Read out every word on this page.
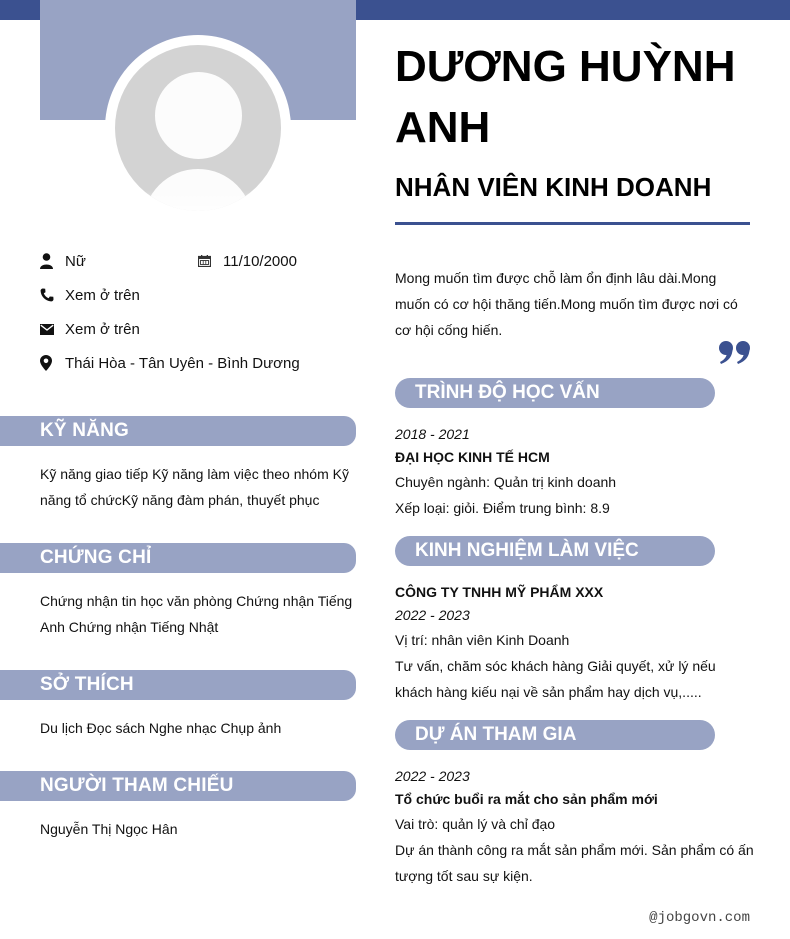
Nữ	11/10/2000
Xem ở trên
Xem ở trên
Thái Hòa - Tân Uyên - Bình Dương
KỸ NĂNG
Kỹ năng giao tiếp Kỹ năng làm việc theo nhóm Kỹ năng tổ chứcKỹ năng đàm phán, thuyết phục
CHỨNG CHỈ
Chứng nhận tin học văn phòng Chứng nhận Tiếng Anh Chứng nhận Tiếng Nhật
SỞ THÍCH
Du lịch Đọc sách Nghe nhạc Chụp ảnh
NGƯỜI THAM CHIẾU
Nguyễn Thị Ngọc Hân
DƯƠNG HUỲNH ANH
NHÂN VIÊN KINH DOANH
Mong muốn tìm được chỗ làm ổn định lâu dài.Mong muốn có cơ hội thăng tiến.Mong muốn tìm được nơi có cơ hội cống hiến.
TRÌNH ĐỘ HỌC VẤN
2018 - 2021
ĐẠI HỌC KINH TẾ HCM
Chuyên ngành: Quản trị kinh doanh
Xếp loại: giỏi. Điểm trung bình: 8.9
KINH NGHIỆM LÀM VIỆC
CÔNG TY TNHH MỸ PHẨM XXX
2022 - 2023
Vị trí: nhân viên Kinh Doanh
Tư vấn, chăm sóc khách hàng Giải quyết, xử lý nếu khách hàng kiếu nại về sản phẩm hay dịch vụ,.....
DỰ ÁN THAM GIA
2022 - 2023
Tổ chức buổi ra mắt cho sản phẩm mới
Vai trò: quản lý và chỉ đạo
Dự án thành công ra mắt sản phẩm mới. Sản phẩm có ấn tượng tốt sau sự kiện.
@jobgovn.com
